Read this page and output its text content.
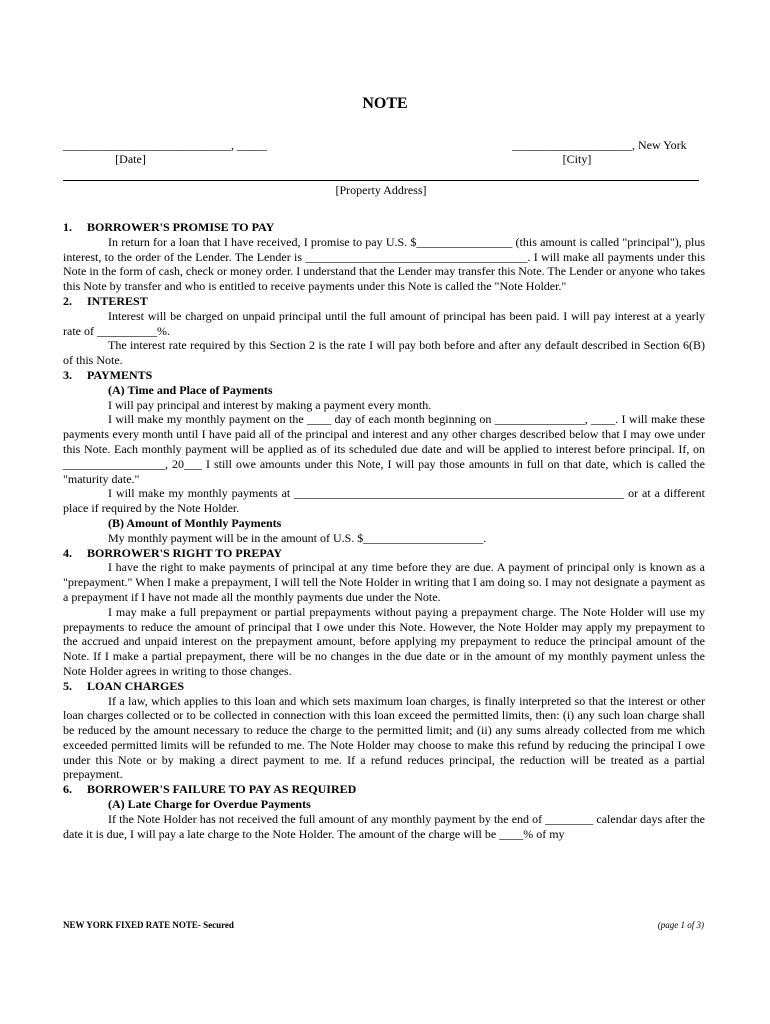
NOTE
____________________________, _____
[Date]
____________________, New York
[City]
[Property Address]
1. BORROWER'S PROMISE TO PAY

In return for a loan that I have received, I promise to pay U.S. $________________ (this amount is called "principal"), plus interest, to the order of the Lender. The Lender is _____________________________________. I will make all payments under this Note in the form of cash, check or money order. I understand that the Lender may transfer this Note. The Lender or anyone who takes this Note by transfer and who is entitled to receive payments under this Note is called the "Note Holder."

2. INTEREST

Interest will be charged on unpaid principal until the full amount of principal has been paid. I will pay interest at a yearly rate of __________%.

The interest rate required by this Section 2 is the rate I will pay both before and after any default described in Section 6(B) of this Note.

3. PAYMENTS
(A) Time and Place of Payments

I will pay principal and interest by making a payment every month.

I will make my monthly payment on the ____ day of each month beginning on _______________, ____. I will make these payments every month until I have paid all of the principal and interest and any other charges described below that I may owe under this Note. Each monthly payment will be applied as of its scheduled due date and will be applied to interest before principal. If, on _________________, 20___ I still owe amounts under this Note, I will pay those amounts in full on that date, which is called the "maturity date."

I will make my monthly payments at _______________________________________________________ or at a different place if required by the Note Holder.

(B) Amount of Monthly Payments

My monthly payment will be in the amount of U.S. $____________________.

4. BORROWER'S RIGHT TO PREPAY

I have the right to make payments of principal at any time before they are due. A payment of principal only is known as a "prepayment." When I make a prepayment, I will tell the Note Holder in writing that I am doing so. I may not designate a payment as a prepayment if I have not made all the monthly payments due under the Note.

I may make a full prepayment or partial prepayments without paying a prepayment charge. The Note Holder will use my prepayments to reduce the amount of principal that I owe under this Note. However, the Note Holder may apply my prepayment to the accrued and unpaid interest on the prepayment amount, before applying my prepayment to reduce the principal amount of the Note. If I make a partial prepayment, there will be no changes in the due date or in the amount of my monthly payment unless the Note Holder agrees in writing to those changes.

5. LOAN CHARGES

If a law, which applies to this loan and which sets maximum loan charges, is finally interpreted so that the interest or other loan charges collected or to be collected in connection with this loan exceed the permitted limits, then: (i) any such loan charge shall be reduced by the amount necessary to reduce the charge to the permitted limit; and (ii) any sums already collected from me which exceeded permitted limits will be refunded to me. The Note Holder may choose to make this refund by reducing the principal I owe under this Note or by making a direct payment to me. If a refund reduces principal, the reduction will be treated as a partial prepayment.

6. BORROWER'S FAILURE TO PAY AS REQUIRED
(A) Late Charge for Overdue Payments

If the Note Holder has not received the full amount of any monthly payment by the end of ________ calendar days after the date it is due, I will pay a late charge to the Note Holder. The amount of the charge will be ____% of my

NEW YORK FIXED RATE NOTE- Secured	(page 1 of 3)
